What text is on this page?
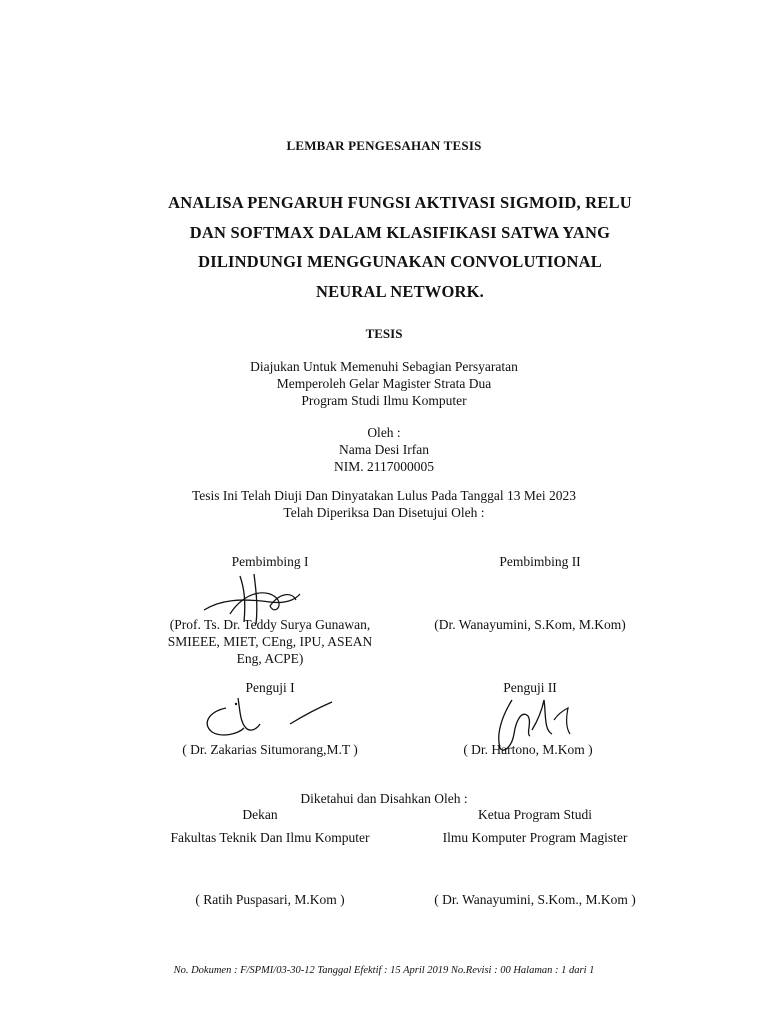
LEMBAR PENGESAHAN TESIS
ANALISA PENGARUH FUNGSI AKTIVASI SIGMOID, RELU
DAN SOFTMAX DALAM KLASIFIKASI SATWA YANG
DILINDUNGI MENGGUNAKAN CONVOLUTIONAL
NEURAL NETWORK.
TESIS
Diajukan Untuk Memenuhi Sebagian Persyaratan
Memperoleh Gelar Magister Strata Dua
Program Studi Ilmu Komputer
Oleh :
Nama Desi Irfan
NIM. 2117000005
Tesis Ini Telah Diuji Dan Dinyatakan Lulus Pada Tanggal 13 Mei 2023
Telah Diperiksa Dan Disetujui Oleh :
Pembimbing I
(Prof. Ts. Dr. Teddy Surya Gunawan,
SMIEEE, MIET, CEng, IPU, ASEAN
Eng, ACPE)
Pembimbing II
(Dr. Wanayumini, S.Kom, M.Kom)
Penguji I
( Dr. Zakarias Situmorang,M.T )
Penguji II
( Dr. Hartono, M.Kom )
Diketahui dan Disahkan Oleh :
Dekan
Fakultas Teknik Dan Ilmu Komputer
Ketua Program Studi
Ilmu Komputer Program Magister
( Ratih Puspasari, M.Kom )	( Dr. Wanayumini, S.Kom., M.Kom )
No. Dokumen : F/SPMI/03-30-12 Tanggal Efektif : 15 April 2019 No.Revisi : 00 Halaman : 1 dari 1
